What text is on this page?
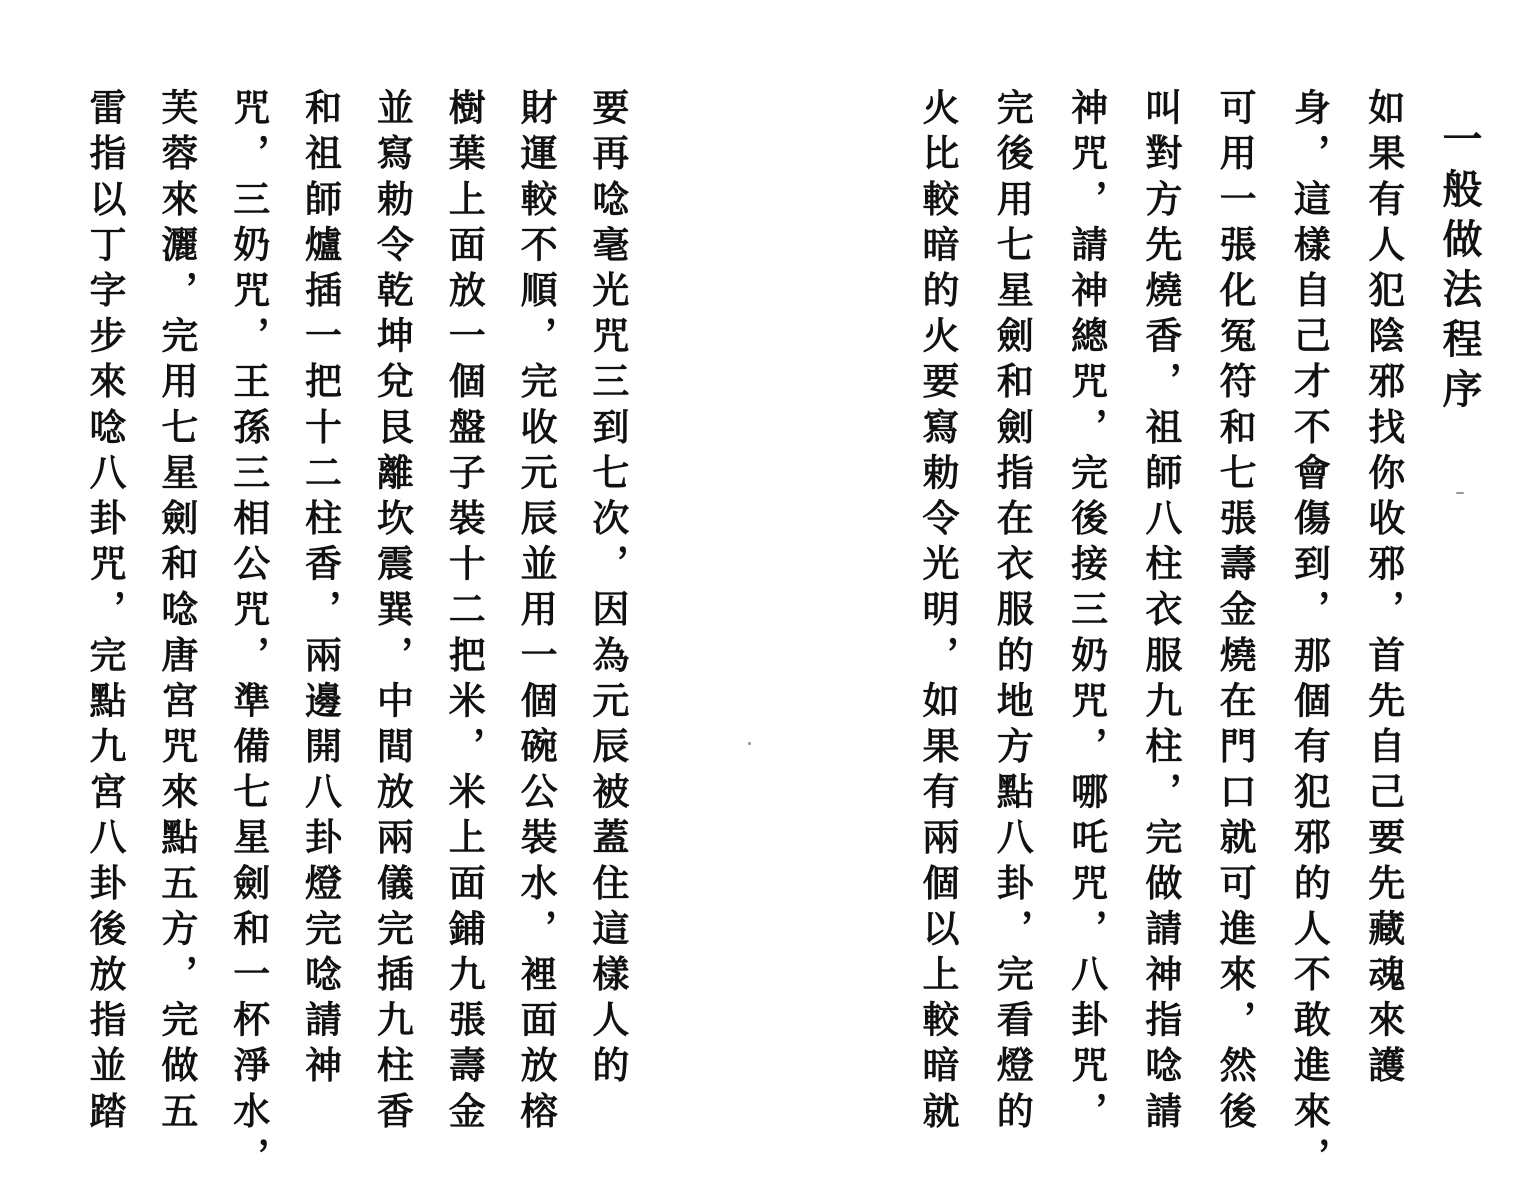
要再唸毫光咒三到七次，因為元辰被蓋住這樣人的
財運較不順，完收元辰並用一個碗公裝水，裡面放榕
樹葉上面放一個盤子裝十二把米，米上面鋪九張壽金
並寫勅令乾坤兌艮離坎震巽，中間放兩儀完插九柱香
和祖師爐插一把十二柱香，兩邊開八卦燈完唸請神
咒，三奶咒，王孫三相公咒，準備七星劍和一杯淨水，
芙蓉來灑，完用七星劍和唸唐宮咒來點五方，完做五
雷指以丁字步來唸八卦咒，完點九宮八卦後放指並踏	一般做法程序
如果有人犯陰邪找你收邪，首先自己要先藏魂來護
身，這樣自己才不會傷到，那個有犯邪的人不敢進來，
可用一張化冤符和七張壽金燒在門口就可進來，然後
叫對方先燒香，祖師八柱衣服九柱，完做請神指唸請
神咒，請神總咒，完後接三奶咒，哪吒咒，八卦咒，
完後用七星劍和劍指在衣服的地方點八卦，完看燈的
火比較暗的火要寫勅令光明，如果有兩個以上較暗就
